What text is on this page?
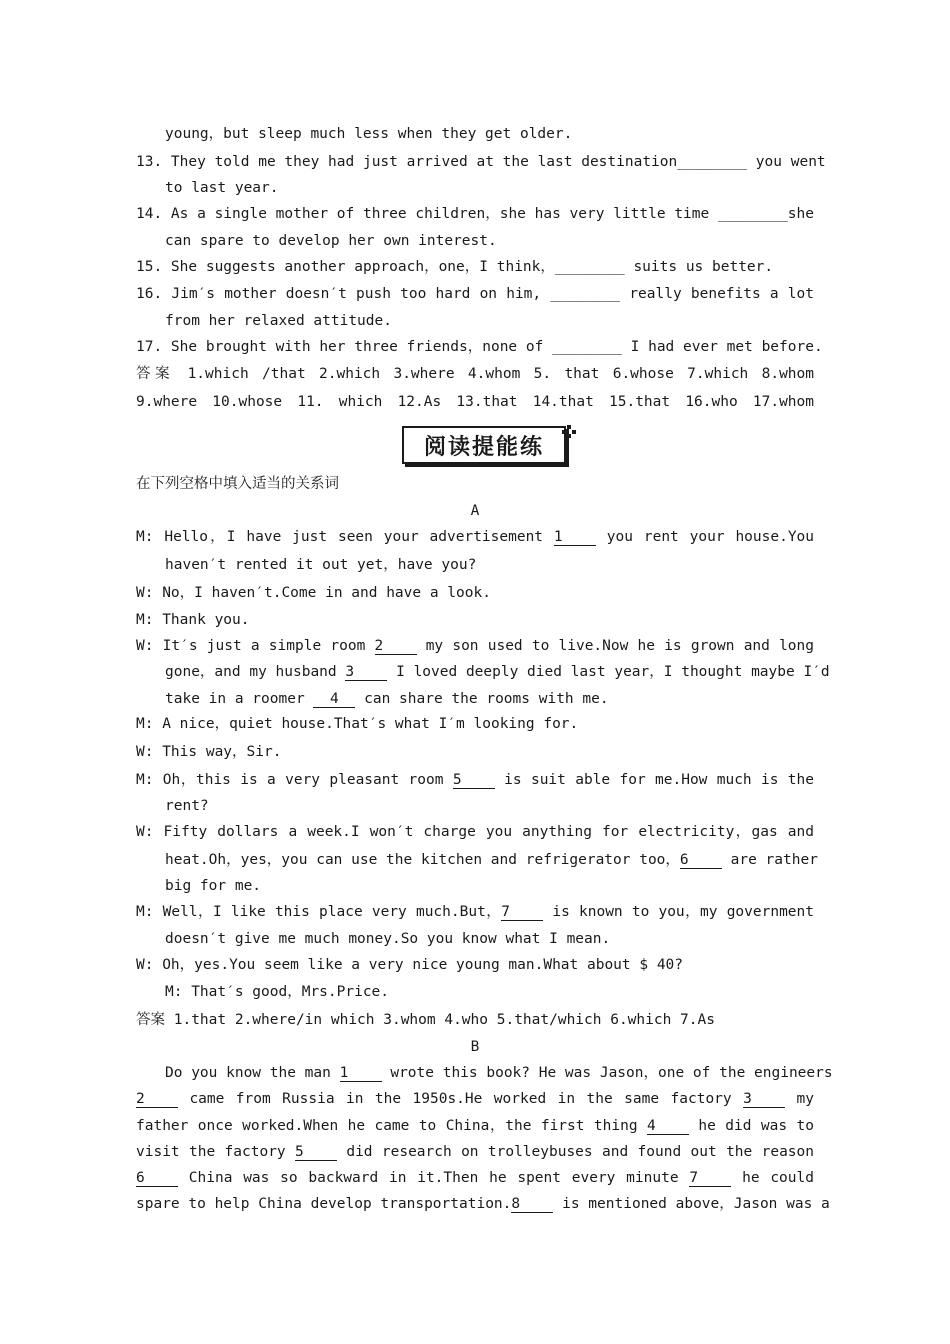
young，but sleep much less when they get older.
13. They told me they had just arrived at the last destination________ you went
to last year.
14. As a single mother of three children，she has very little time ________she
can spare to develop her own interest.
15. She suggests another approach，one，I think，________ suits us better.
16. Jim′s mother doesn′t push too hard on him, ________ really benefits a lot
from her relaxed attitude.
17. She brought with her three friends，none of ________ I had ever met before.
答案 1.which /that 2.which 3.where 4.whom 5. that 6.whose 7.which 8.whom
9.where 10.whose 11. which 12.As 13.that 14.that 15.that 16.who 17.whom
阅读提能练
在下列空格中填入适当的关系词
A
M: Hello，I have just seen your advertisement 1 you rent your house.You
haven′t rented it out yet，have you?
W: No，I haven′t.Come in and have a look.
M: Thank you.
W: It′s just a simple room 2 my son used to live.Now he is grown and long
gone，and my husband 3 I loved deeply died last year，I thought maybe I′d
take in a roomer 4 can share the rooms with me.
M: A nice，quiet house.That′s what I′m looking for.
W: This way，Sir.
M: Oh，this is a very pleasant room 5 is suit able for me.How much is the
rent?
W: Fifty dollars a week.I won′t charge you anything for electricity，gas and
heat.Oh，yes，you can use the kitchen and refrigerator too，6 are rather
big for me.
M: Well，I like this place very much.But，7 is known to you，my government
doesn′t give me much money.So you know what I mean.
W: Oh，yes.You seem like a very nice young man.What about $ 40?
M: That′s good，Mrs.Price.
答案 1.that 2.where/in which 3.whom 4.who 5.that/which 6.which 7.As
B
Do you know the man 1 wrote this book? He was Jason，one of the engineers
2 came from Russia in the 1950s.He worked in the same factory 3 my
father once worked.When he came to China，the first thing 4 he did was to
visit the factory 5 did research on trolleybuses and found out the reason
6 China was so backward in it.Then he spent every minute 7 he could
spare to help China develop transportation.8 is mentioned above，Jason was a
